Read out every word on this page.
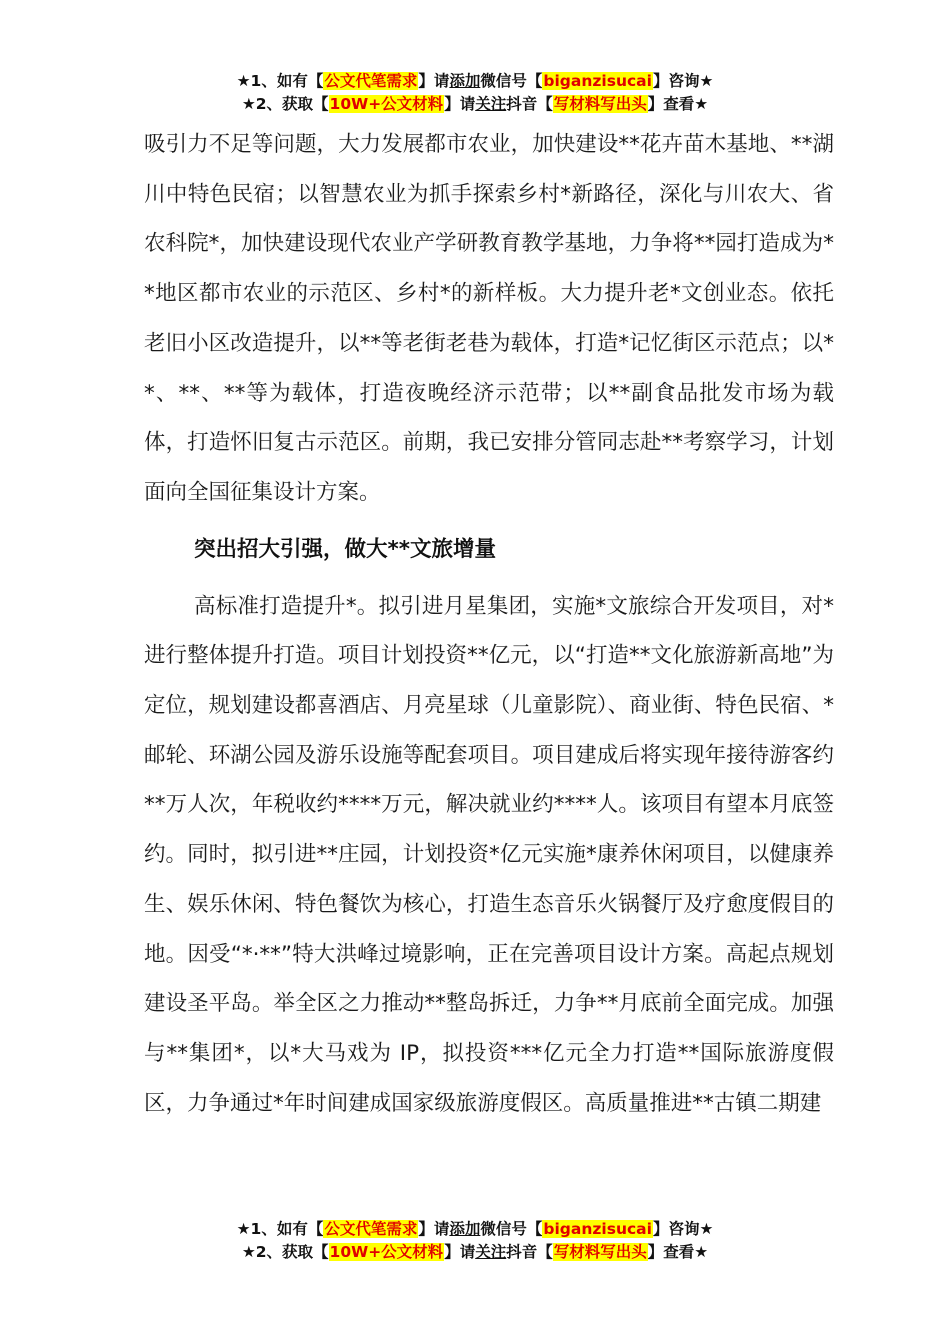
★1、如有【公文代笔需求】请添加微信号【biganzisucai】咨询★
★2、获取【10W+公文材料】请关注抖音【写材料写出头】查看★

吸引力不足等问题，大力发展都市农业，加快建设**花卉苗木基地、**湖川中特色民宿；以智慧农业为抓手探索乡村*新路径，深化与川农大、省农科院*，加快建设现代农业产学研教育教学基地，力争将**园打造成为**地区都市农业的示范区、乡村*的新样板。大力提升老*文创业态。依托老旧小区改造提升，以**等老街老巷为载体，打造*记忆街区示范点；以**、**、**等为载体，打造夜晚经济示范带；以**副食品批发市场为载体，打造怀旧复古示范区。前期，我已安排分管同志赴**考察学习，计划面向全国征集设计方案。

突出招大引强，做大**文旅增量

高标准打造提升*。拟引进月星集团，实施*文旅综合开发项目，对*进行整体提升打造。项目计划投资**亿元，以“打造**文化旅游新高地”为定位，规划建设都喜酒店、月亮星球（儿童影院）、商业街、特色民宿、*邮轮、环湖公园及游乐设施等配套项目。项目建成后将实现年接待游客约**万人次，年税收约****万元，解决就业约****人。该项目有望本月底签约。同时，拟引进**庄园，计划投资*亿元实施*康养休闲项目，以健康养生、娱乐休闲、特色餐饮为核心，打造生态音乐火锅餐厅及疗愈度假目的地。因受“*·**”特大洪峰过境影响，正在完善项目设计方案。高起点规划建设圣平岛。举全区之力推动**整岛拆迁，力争**月底前全面完成。加强与**集团*，以*大马戏为 IP，拟投资***亿元全力打造**国际旅游度假区，力争通过*年时间建成国家级旅游度假区。高质量推进**古镇二期建

★1、如有【公文代笔需求】请添加微信号【biganzisucai】咨询★
★2、获取【10W+公文材料】请关注抖音【写材料写出头】查看★
